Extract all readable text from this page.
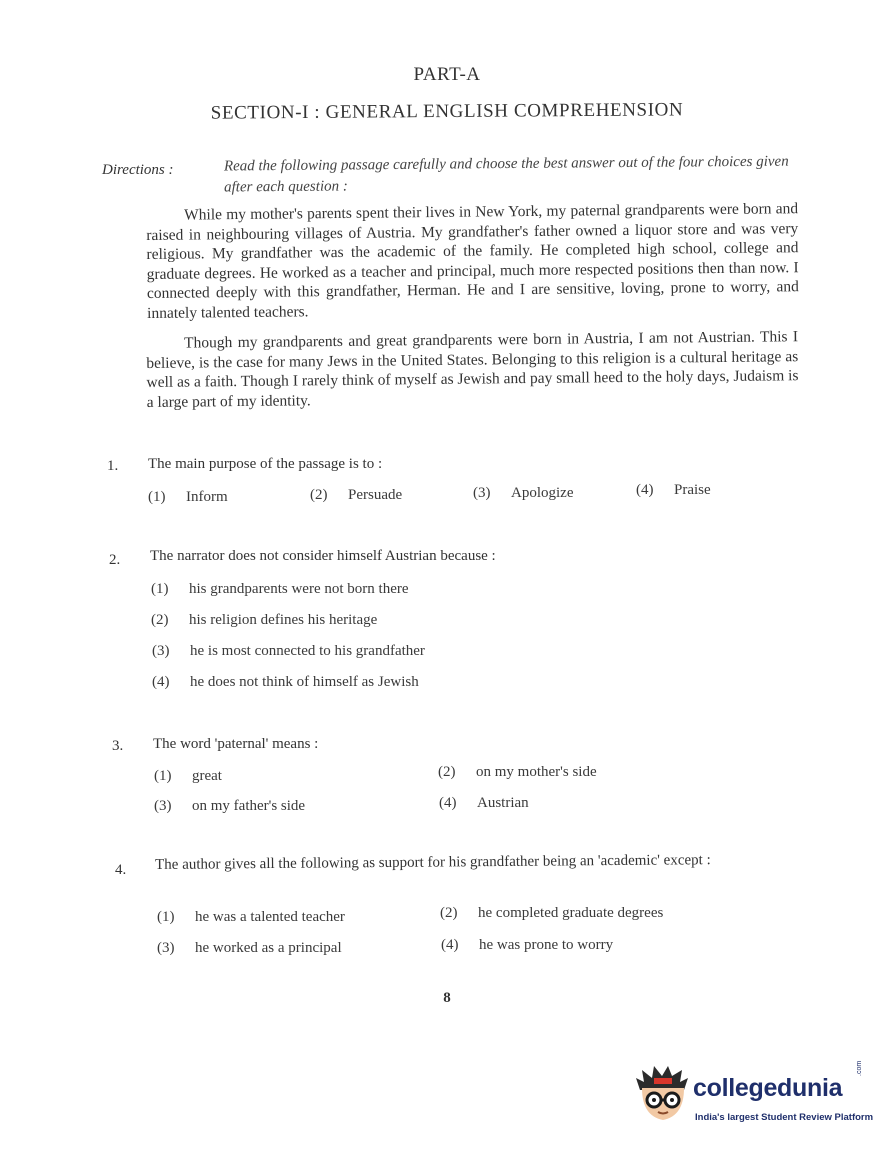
PART-A
SECTION-I : GENERAL ENGLISH COMPREHENSION
Directions :	Read the following passage carefully and choose the best answer out of the four choices given after each question :
While my mother's parents spent their lives in New York, my paternal grandparents were born and raised in neighbouring villages of Austria. My grandfather's father owned a liquor store and was very religious. My grandfather was the academic of the family. He completed high school, college and graduate degrees. He worked as a teacher and principal, much more respected positions then than now. I connected deeply with this grandfather, Herman. He and I are sensitive, loving, prone to worry, and innately talented teachers.
Though my grandparents and great grandparents were born in Austria, I am not Austrian. This I believe, is the case for many Jews in the United States. Belonging to this religion is a cultural heritage as well as a faith. Though I rarely think of myself as Jewish and pay small heed to the holy days, Judaism is a large part of my identity.
1. The main purpose of the passage is to :
(1) Inform	(2) Persuade	(3) Apologize	(4) Praise
2. The narrator does not consider himself Austrian because :
(1) his grandparents were not born there
(2) his religion defines his heritage
(3) he is most connected to his grandfather
(4) he does not think of himself as Jewish
3. The word 'paternal' means :
(1) great	(2) on my mother's side
(3) on my father's side	(4) Austrian
4. The author gives all the following as support for his grandfather being an 'academic' except :
(1) he was a talented teacher	(2) he completed graduate degrees
(3) he worked as a principal	(4) he was prone to worry
8
collegedunia
.com
India's largest Student Review Platform
